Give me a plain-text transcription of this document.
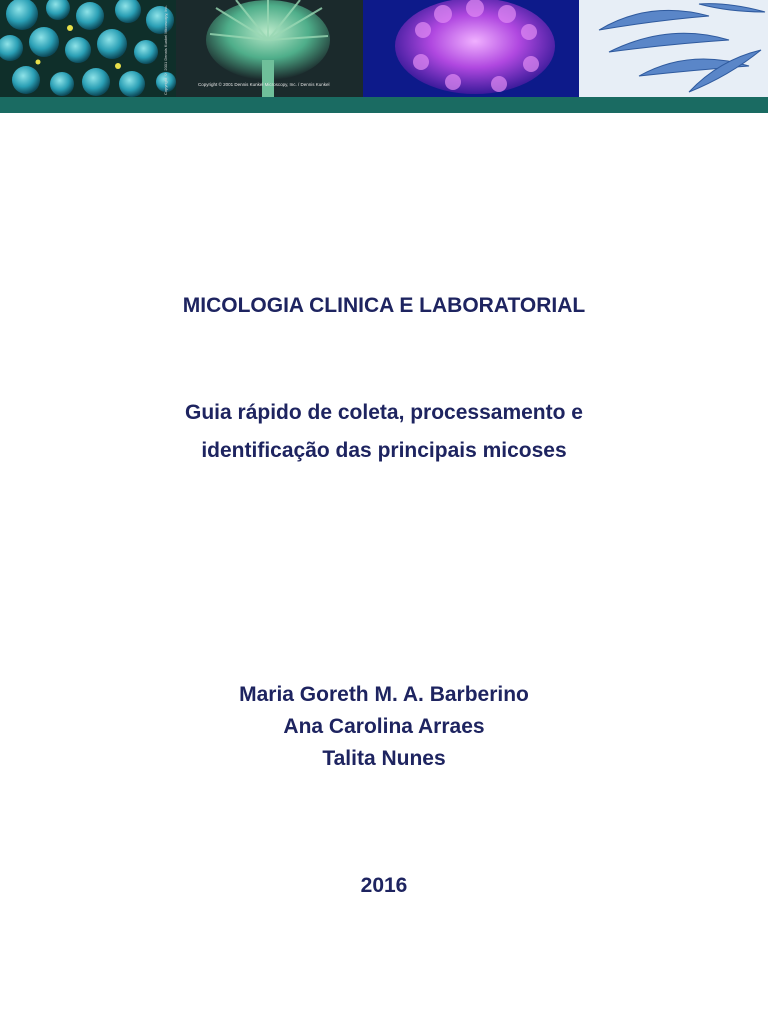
Copyright © 2001 Dennis Kunkel Microscopy, Inc.	Copyright © 2001 Dennis Kunkel Microscopy, Inc. / Dennis Kunkel
MICOLOGIA CLINICA E LABORATORIAL
Guia rápido de coleta, processamento e
identificação das principais micoses
Maria Goreth M. A. Barberino
Ana Carolina Arraes
Talita Nunes
2016
